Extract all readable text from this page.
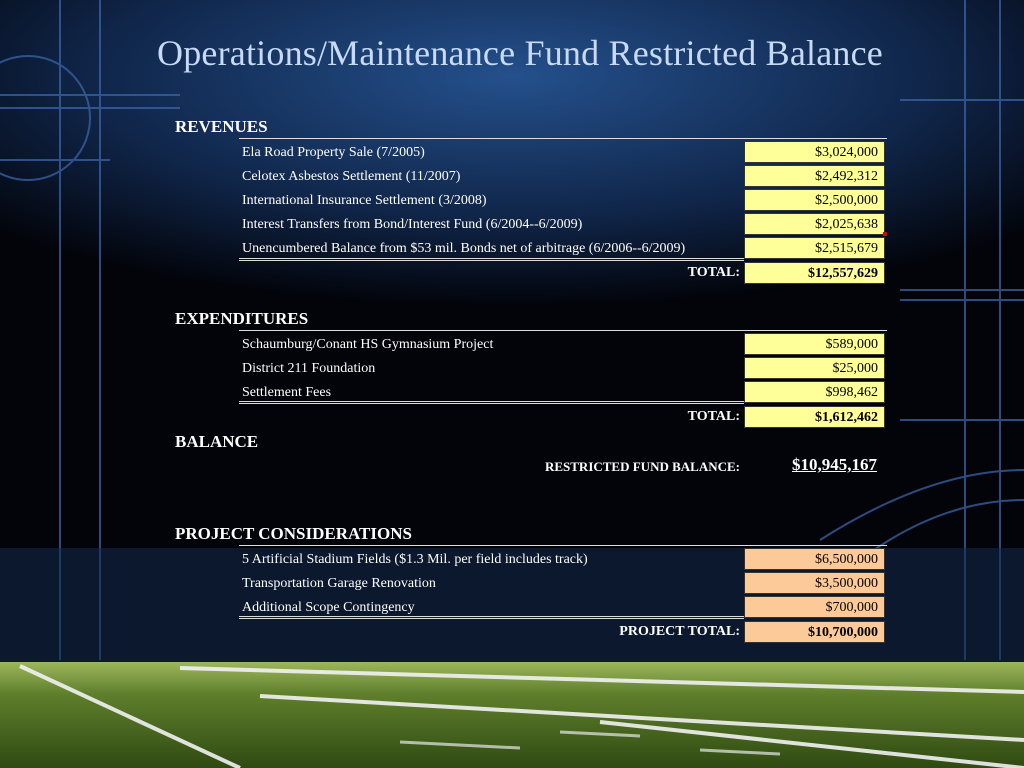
Operations/Maintenance Fund Restricted Balance
REVENUES
Ela Road Property Sale (7/2005)	$3,024,000
Celotex Asbestos Settlement (11/2007)	$2,492,312
International Insurance Settlement (3/2008)	$2,500,000
Interest Transfers from Bond/Interest Fund (6/2004--6/2009)	$2,025,638
Unencumbered Balance from $53 mil. Bonds net of arbitrage (6/2006--6/2009)	$2,515,679
TOTAL:	$12,557,629
EXPENDITURES
Schaumburg/Conant HS Gymnasium Project	$589,000
District 211 Foundation	$25,000
Settlement Fees	$998,462
TOTAL:	$1,612,462
BALANCE
RESTRICTED FUND BALANCE:	$10,945,167
PROJECT CONSIDERATIONS
5 Artificial Stadium Fields ($1.3 Mil. per field includes track)	$6,500,000
Transportation Garage Renovation	$3,500,000
Additional Scope Contingency	$700,000
PROJECT TOTAL:	$10,700,000
